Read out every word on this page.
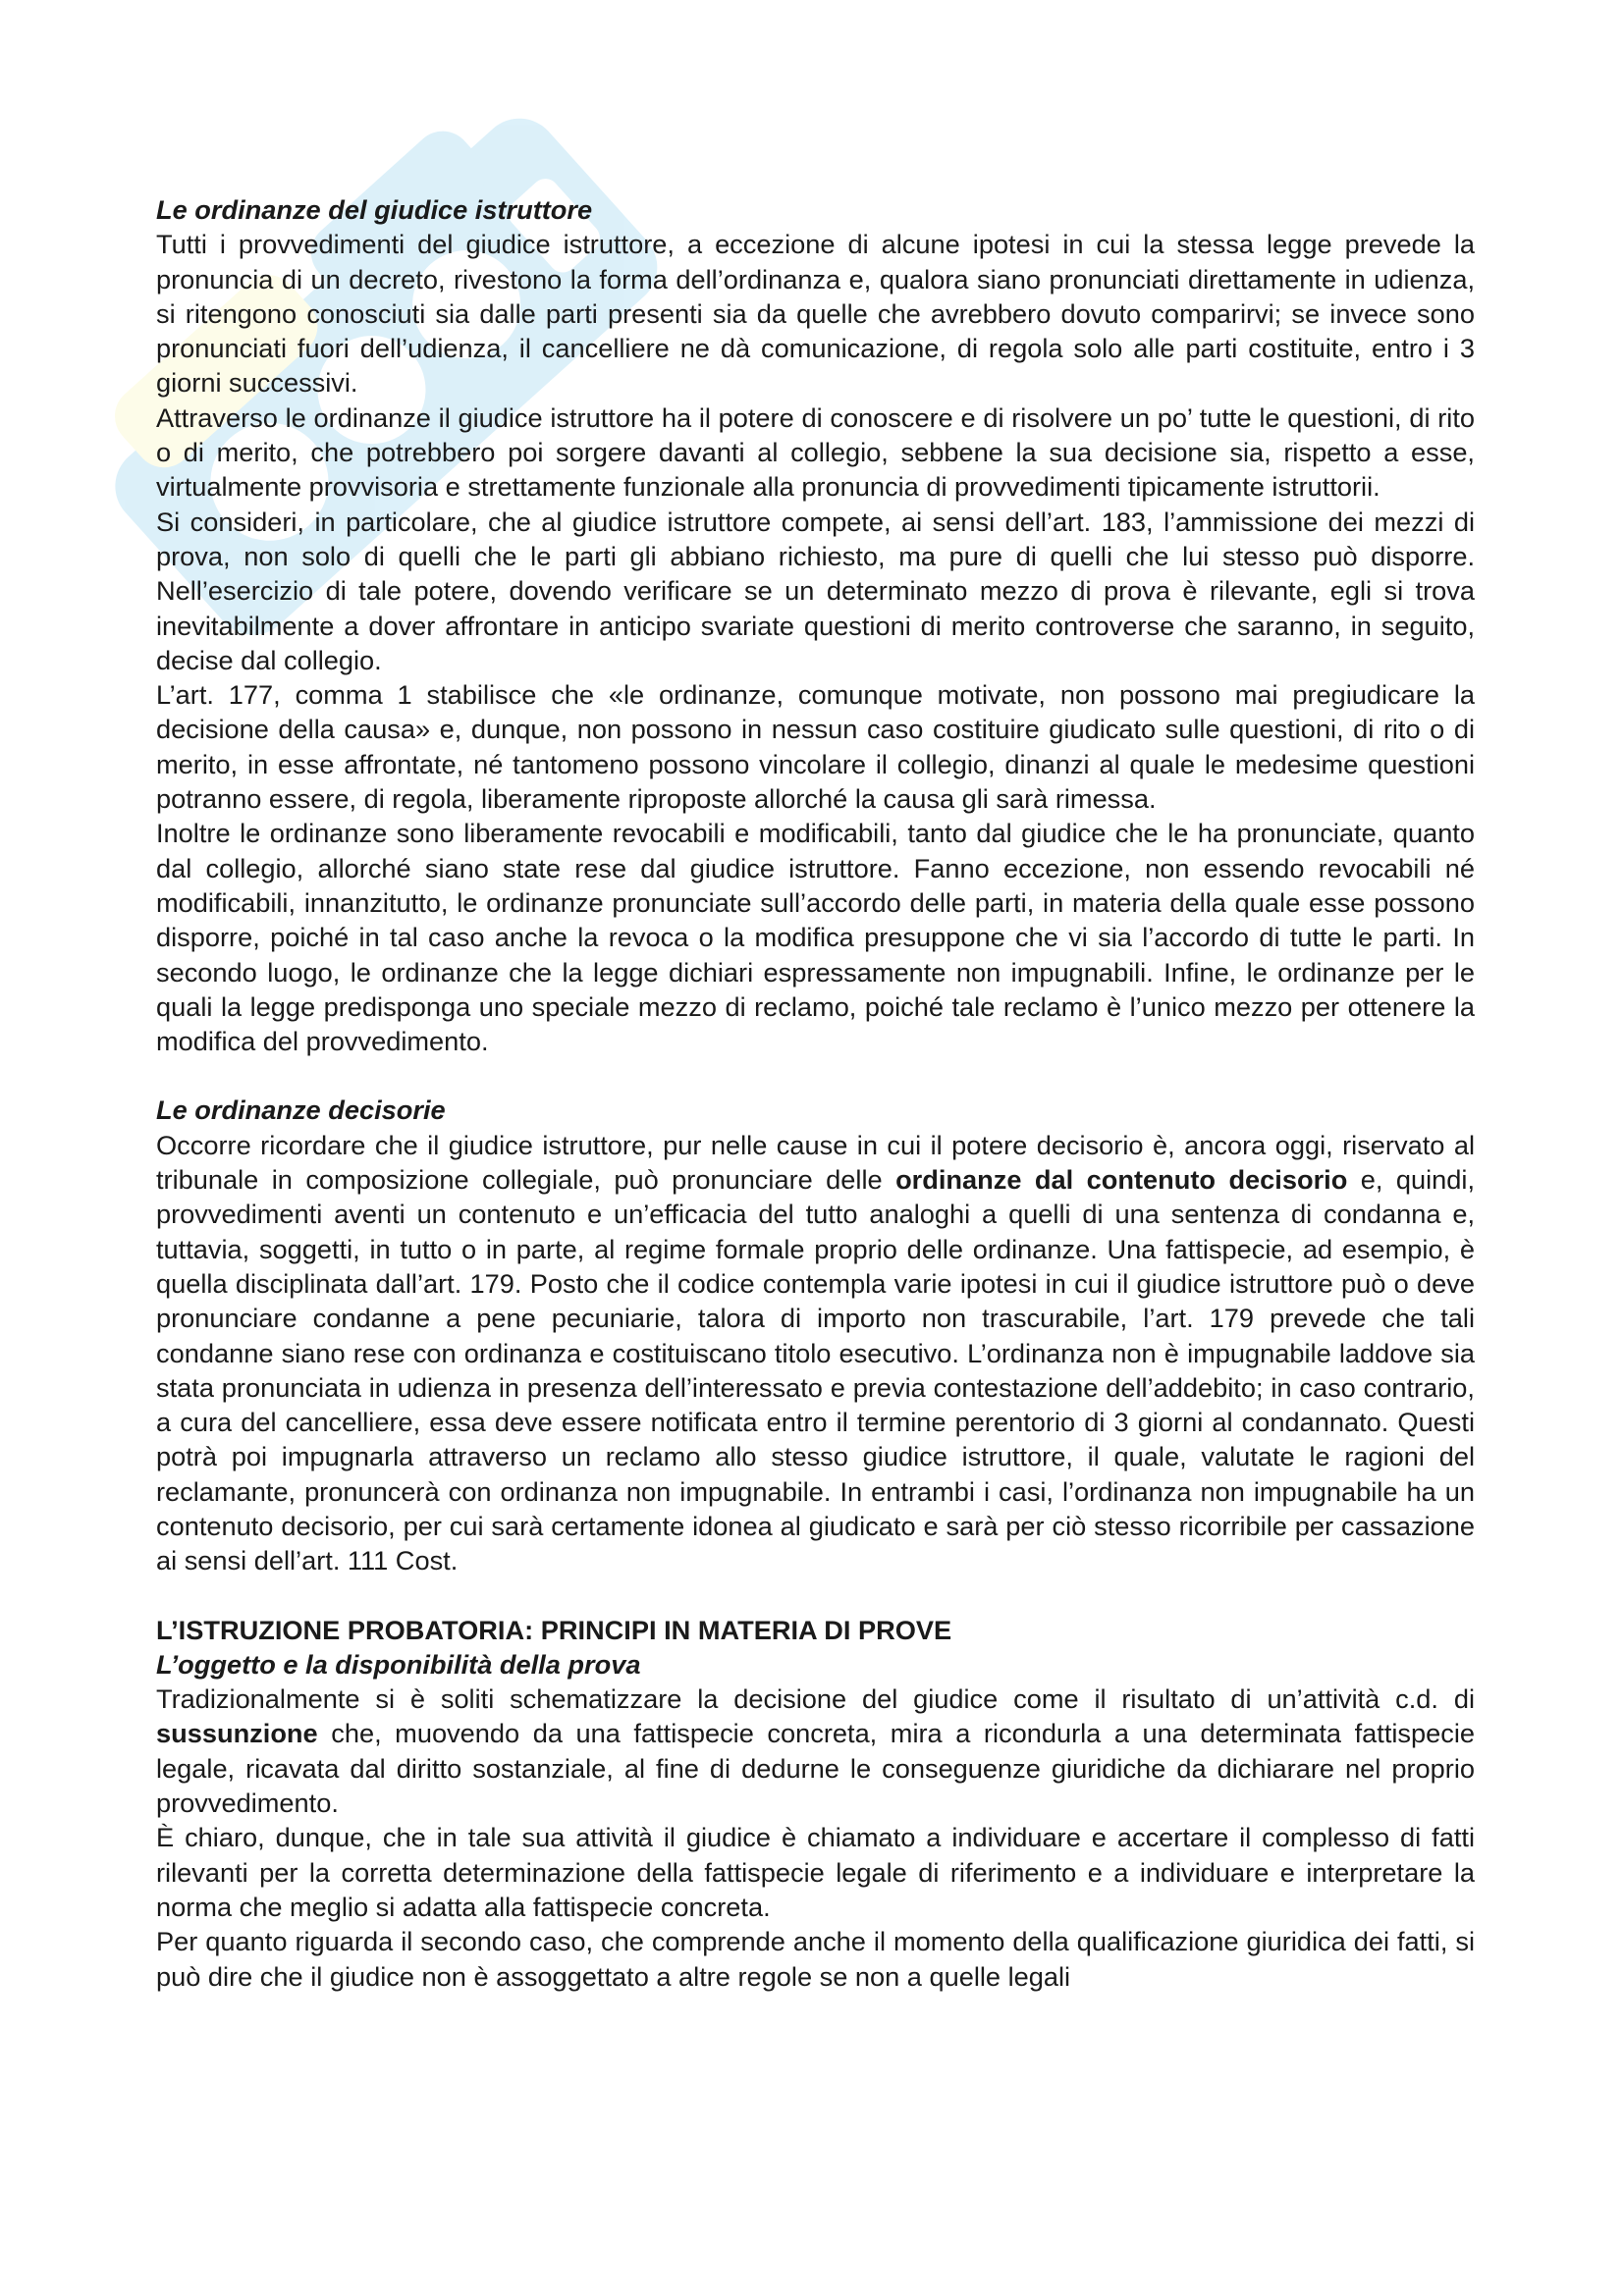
Le ordinanze del giudice istruttore

Tutti i provvedimenti del giudice istruttore, a eccezione di alcune ipotesi in cui la stessa legge prevede la pronuncia di un decreto, rivestono la forma dell’ordinanza e, qualora siano pronunciati direttamente in udienza, si ritengono conosciuti sia dalle parti presenti sia da quelle che avrebbero dovuto comparirvi; se invece sono pronunciati fuori dell’udienza, il cancelliere ne dà comunicazione, di regola solo alle parti costituite, entro i 3 giorni successivi.

Attraverso le ordinanze il giudice istruttore ha il potere di conoscere e di risolvere un po’ tutte le questioni, di rito o di merito, che potrebbero poi sorgere davanti al collegio, sebbene la sua decisione sia, rispetto a esse, virtualmente provvisoria e strettamente funzionale alla pronuncia di provvedimenti tipicamente istruttorii.

Si consideri, in particolare, che al giudice istruttore compete, ai sensi dell’art. 183, l’ammissione dei mezzi di prova, non solo di quelli che le parti gli abbiano richiesto, ma pure di quelli che lui stesso può disporre. Nell’esercizio di tale potere, dovendo verificare se un determinato mezzo di prova è rilevante, egli si trova inevitabilmente a dover affrontare in anticipo svariate questioni di merito controverse che saranno, in seguito, decise dal collegio.

L’art. 177, comma 1 stabilisce che «le ordinanze, comunque motivate, non possono mai pregiudicare la decisione della causa» e, dunque, non possono in nessun caso costituire giudicato sulle questioni, di rito o di merito, in esse affrontate, né tantomeno possono vincolare il collegio, dinanzi al quale le medesime questioni potranno essere, di regola, liberamente riproposte allorché la causa gli sarà rimessa.

Inoltre le ordinanze sono liberamente revocabili e modificabili, tanto dal giudice che le ha pronunciate, quanto dal collegio, allorché siano state rese dal giudice istruttore. Fanno eccezione, non essendo revocabili né modificabili, innanzitutto, le ordinanze pronunciate sull’accordo delle parti, in materia della quale esse possono disporre, poiché in tal caso anche la revoca o la modifica presuppone che vi sia l’accordo di tutte le parti. In secondo luogo, le ordinanze che la legge dichiari espressamente non impugnabili. Infine, le ordinanze per le quali la legge predisponga uno speciale mezzo di reclamo, poiché tale reclamo è l’unico mezzo per ottenere la modifica del provvedimento.

Le ordinanze decisorie

Occorre ricordare che il giudice istruttore, pur nelle cause in cui il potere decisorio è, ancora oggi, riservato al tribunale in composizione collegiale, può pronunciare delle ordinanze dal contenuto decisorio e, quindi, provvedimenti aventi un contenuto e un’efficacia del tutto analoghi a quelli di una sentenza di condanna e, tuttavia, soggetti, in tutto o in parte, al regime formale proprio delle ordinanze. Una fattispecie, ad esempio, è quella disciplinata dall’art. 179. Posto che il codice contempla varie ipotesi in cui il giudice istruttore può o deve pronunciare condanne a pene pecuniarie, talora di importo non trascurabile, l’art. 179 prevede che tali condanne siano rese con ordinanza e costituiscano titolo esecutivo. L’ordinanza non è impugnabile laddove sia stata pronunciata in udienza in presenza dell’interessato e previa contestazione dell’addebito; in caso contrario, a cura del cancelliere, essa deve essere notificata entro il termine perentorio di 3 giorni al condannato. Questi potrà poi impugnarla attraverso un reclamo allo stesso giudice istruttore, il quale, valutate le ragioni del reclamante, pronuncerà con ordinanza non impugnabile. In entrambi i casi, l’ordinanza non impugnabile ha un contenuto decisorio, per cui sarà certamente idonea al giudicato e sarà per ciò stesso ricorribile per cassazione ai sensi dell’art. 111 Cost.

L’ISTRUZIONE PROBATORIA: PRINCIPI IN MATERIA DI PROVE

L’oggetto e la disponibilità della prova

Tradizionalmente si è soliti schematizzare la decisione del giudice come il risultato di un’attività c.d. di sussunzione che, muovendo da una fattispecie concreta, mira a ricondurla a una determinata fattispecie legale, ricavata dal diritto sostanziale, al fine di dedurne le conseguenze giuridiche da dichiarare nel proprio provvedimento.

È chiaro, dunque, che in tale sua attività il giudice è chiamato a individuare e accertare il complesso di fatti rilevanti per la corretta determinazione della fattispecie legale di riferimento e a individuare e interpretare la norma che meglio si adatta alla fattispecie concreta.

Per quanto riguarda il secondo caso, che comprende anche il momento della qualificazione giuridica dei fatti, si può dire che il giudice non è assoggettato a altre regole se non a quelle legali
